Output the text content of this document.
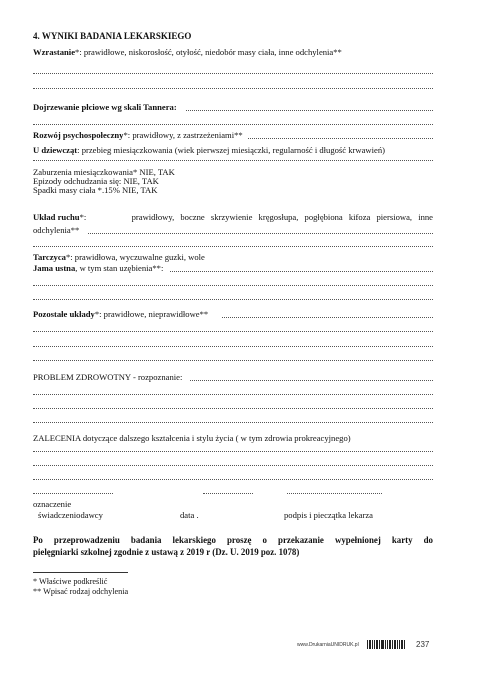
4. WYNIKI BADANIA LEKARSKIEGO
Wzrastanie*: prawidłowe, niskorosłość, otyłość, niedobór masy ciała, inne odchylenia**
Dojrzewanie płciowe wg skali Tannera:
Rozwój psychospołeczny*: prawidłowy, z zastrzeżeniami**
U dziewcząt: przebieg miesiączkowania (wiek pierwszej miesiączki, regularność i długość krwawień)
Zaburzenia miesiączkowania* NIE, TAK
Epizody odchudzania się: NIE, TAK
Spadki masy ciała *.15% NIE, TAK
Układ ruchu*:	prawidłowy, boczne skrzywienie kręgosłupa, pogłębiona kifoza piersiowa, inne
odchylenia**
Tarczyca*: prawidłowa, wyczuwalne guzki, wole
Jama ustna, w tym stan uzębienia**:
Pozostałe układy*: prawidłowe, nieprawidłowe**
PROBLEM ZDROWOTNY - rozpoznanie:
ZALECENIA dotyczące dalszego kształcenia i stylu życia ( w tym zdrowia prokreacyjnego)
oznaczenie
świadczeniodawcy	data .	podpis i pieczątka lekarza
Po przeprowadzeniu badania lekarskiego proszę o przekazanie wypełnionej karty do
pielęgniarki szkolnej zgodnie z ustawą z 2019 r (Dz. U. 2019 poz. 1078)
* Właściwe podkreślić
** Wpisać rodzaj odchylenia
www.DrukarniaUNIDRUK.pl	237
